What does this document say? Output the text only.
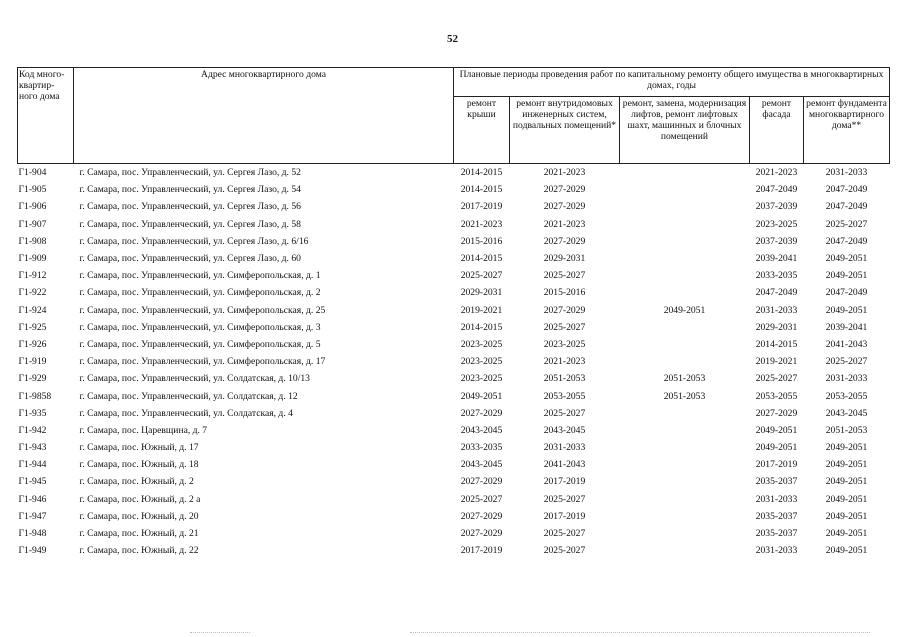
52
Код много-квартир-ного дома	Адрес многоквартирного дома	Плановые периоды проведения работ по капитальному ремонту общего имущества в многоквартирных домах, годы				
		ремонт крыши	ремонт внутридомовых инженерных систем, подвальных помещений*	ремонт, замена, модернизация лифтов, ремонт лифтовых шахт, машинных и блочных помещений	ремонт фасада	ремонт фундамента многоквартирного дома**
Г1-904	г. Самара, пос. Управленческий, ул. Сергея Лазо, д. 52	2014-2015	2021-2023		2021-2023	2031-2033
Г1-905	г. Самара, пос. Управленческий, ул. Сергея Лазо, д. 54	2014-2015	2027-2029		2047-2049	2047-2049
Г1-906	г. Самара, пос. Управленческий, ул. Сергея Лазо, д. 56	2017-2019	2027-2029		2037-2039	2047-2049
Г1-907	г. Самара, пос. Управленческий, ул. Сергея Лазо, д. 58	2021-2023	2021-2023		2023-2025	2025-2027
Г1-908	г. Самара, пос. Управленческий, ул. Сергея Лазо, д. 6/16	2015-2016	2027-2029		2037-2039	2047-2049
Г1-909	г. Самара, пос. Управленческий, ул. Сергея Лазо, д. 60	2014-2015	2029-2031		2039-2041	2049-2051
Г1-912	г. Самара, пос. Управленческий, ул. Симферопольская, д. 1	2025-2027	2025-2027		2033-2035	2049-2051
Г1-922	г. Самара, пос. Управленческий, ул. Симферопольская, д. 2	2029-2031	2015-2016		2047-2049	2047-2049
Г1-924	г. Самара, пос. Управленческий, ул. Симферопольская, д. 25	2019-2021	2027-2029	2049-2051	2031-2033	2049-2051
Г1-925	г. Самара, пос. Управленческий, ул. Симферопольская, д. 3	2014-2015	2025-2027		2029-2031	2039-2041
Г1-926	г. Самара, пос. Управленческий, ул. Симферопольская, д. 5	2023-2025	2023-2025		2014-2015	2041-2043
Г1-919	г. Самара, пос. Управленческий, ул. Симферопольская, д. 17	2023-2025	2021-2023		2019-2021	2025-2027
Г1-929	г. Самара, пос. Управленческий, ул. Солдатская, д. 10/13	2023-2025	2051-2053	2051-2053	2025-2027	2031-2033
Г1-9858	г. Самара, пос. Управленческий, ул. Солдатская, д. 12	2049-2051	2053-2055	2051-2053	2053-2055	2053-2055
Г1-935	г. Самара, пос. Управленческий, ул. Солдатская, д. 4	2027-2029	2025-2027		2027-2029	2043-2045
Г1-942	г. Самара, пос. Царевщина, д. 7	2043-2045	2043-2045		2049-2051	2051-2053
Г1-943	г. Самара, пос. Южный, д. 17	2033-2035	2031-2033		2049-2051	2049-2051
Г1-944	г. Самара, пос. Южный, д. 18	2043-2045	2041-2043		2017-2019	2049-2051
Г1-945	г. Самара, пос. Южный, д. 2	2027-2029	2017-2019		2035-2037	2049-2051
Г1-946	г. Самара, пос. Южный, д. 2 а	2025-2027	2025-2027		2031-2033	2049-2051
Г1-947	г. Самара, пос. Южный, д. 20	2027-2029	2017-2019		2035-2037	2049-2051
Г1-948	г. Самара, пос. Южный, д. 21	2027-2029	2025-2027		2035-2037	2049-2051
Г1-949	г. Самара, пос. Южный, д. 22	2017-2019	2025-2027		2031-2033	2049-2051
